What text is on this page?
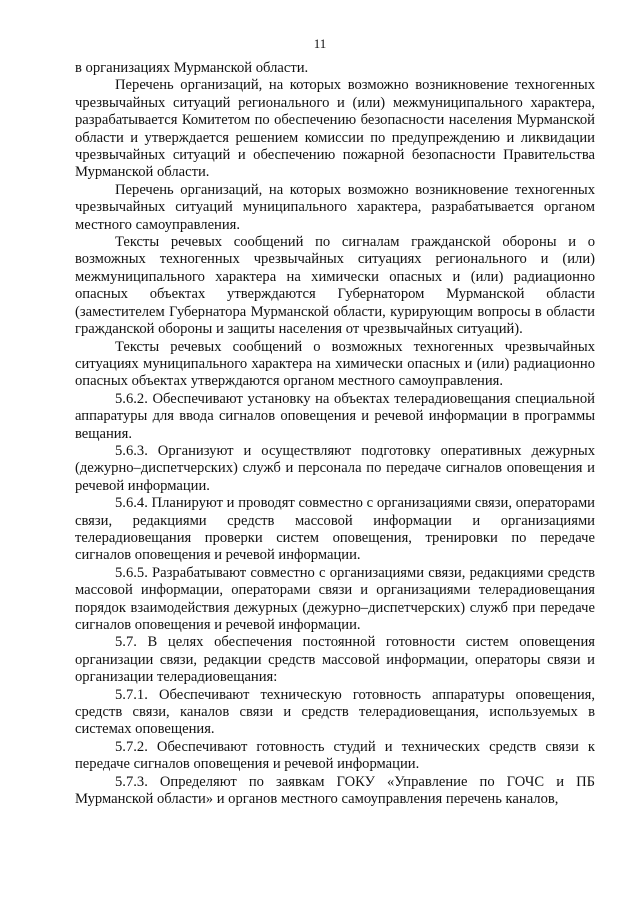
11

в организациях Мурманской области.

Перечень организаций, на которых возможно возникновение техногенных чрезвычайных ситуаций регионального и (или) межмуниципального характера, разрабатывается Комитетом по обеспечению безопасности населения Мурманской области и утверждается решением комиссии по предупреждению и ликвидации чрезвычайных ситуаций и обеспечению пожарной безопасности Правительства Мурманской области.

Перечень организаций, на которых возможно возникновение техногенных чрезвычайных ситуаций муниципального характера, разрабатывается органом местного самоуправления.

Тексты речевых сообщений по сигналам гражданской обороны и о возможных техногенных чрезвычайных ситуациях регионального и (или) межмуниципального характера на химически опасных и (или) радиационно опасных объектах утверждаются Губернатором Мурманской области (заместителем Губернатора Мурманской области, курирующим вопросы в области гражданской обороны и защиты населения от чрезвычайных ситуаций).

Тексты речевых сообщений о возможных техногенных чрезвычайных ситуациях муниципального характера на химически опасных и (или) радиационно опасных объектах утверждаются органом местного самоуправления.

5.6.2. Обеспечивают установку на объектах телерадиовещания специальной аппаратуры для ввода сигналов оповещения и речевой информации в программы вещания.

5.6.3. Организуют и осуществляют подготовку оперативных дежурных (дежурно–диспетчерских) служб и персонала по передаче сигналов оповещения и речевой информации.

5.6.4. Планируют и проводят совместно с организациями связи, операторами связи, редакциями средств массовой информации и организациями телерадиовещания проверки систем оповещения, тренировки по передаче сигналов оповещения и речевой информации.

5.6.5. Разрабатывают совместно с организациями связи, редакциями средств массовой информации, операторами связи и организациями телерадиовещания порядок взаимодействия дежурных (дежурно–диспетчерских) служб при передаче сигналов оповещения и речевой информации.

5.7. В целях обеспечения постоянной готовности систем оповещения организации связи, редакции средств массовой информации, операторы связи и организации телерадиовещания:

5.7.1. Обеспечивают техническую готовность аппаратуры оповещения, средств связи, каналов связи и средств телерадиовещания, используемых в системах оповещения.

5.7.2. Обеспечивают готовность студий и технических средств связи к передаче сигналов оповещения и речевой информации.

5.7.3. Определяют по заявкам ГОКУ «Управление по ГОЧС и ПБ Мурманской области» и органов местного самоуправления перечень каналов,
